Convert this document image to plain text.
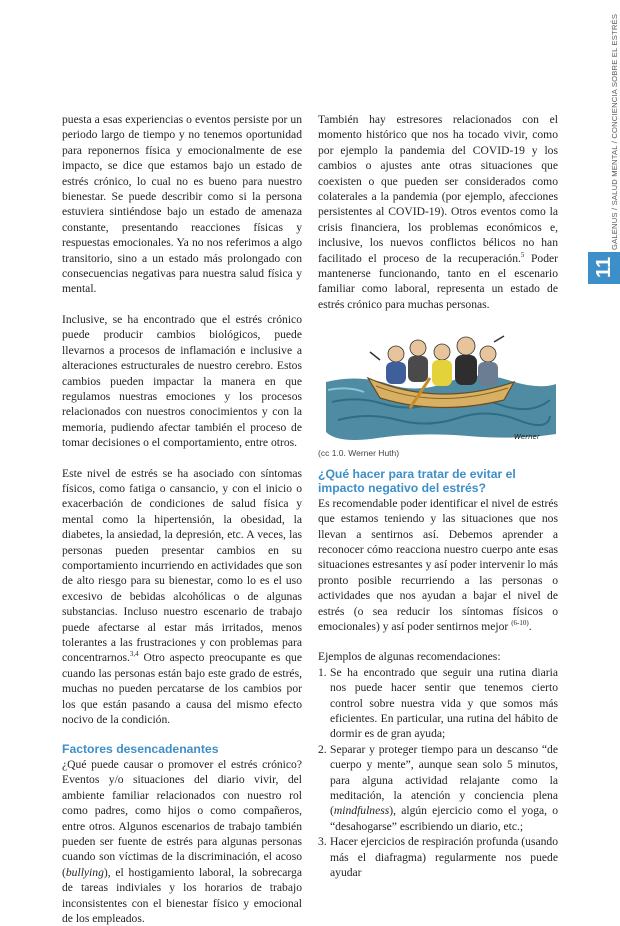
GALENUS / SALUD MENTAL / CONCIENCIA SOBRE EL ESTRÉS
11

puesta a esas experiencias o eventos persiste por un periodo largo de tiempo y no tenemos oportunidad para reponernos física y emocionalmente de ese impacto, se dice que estamos bajo un estado de estrés crónico, lo cual no es bueno para nuestro bienestar. Se puede describir como si la persona estuviera sintiéndose bajo un estado de amenaza constante, presentando reacciones físicas y respuestas emocionales. Ya no nos referimos a algo transitorio, sino a un estado más prolongado con consecuencias negativas para nuestra salud física y mental.

Inclusive, se ha encontrado que el estrés crónico puede producir cambios biológicos, puede llevarnos a procesos de inflamación e inclusive a alteraciones estructurales de nuestro cerebro. Estos cambios pueden impactar la manera en que regulamos nuestras emociones y los procesos relacionados con nuestros conocimientos y con la memoria, pudiendo afectar también el proceso de tomar decisiones o el comportamiento, entre otros.

Este nivel de estrés se ha asociado con síntomas físicos, como fatiga o cansancio, y con el inicio o exacerbación de condiciones de salud física y mental como la hipertensión, la obesidad, la diabetes, la ansiedad, la depresión, etc. A veces, las personas pueden presentar cambios en su comportamiento incurriendo en actividades que son de alto riesgo para su bienestar, como lo es el uso excesivo de bebidas alcohólicas o de algunas substancias. Incluso nuestro escenario de trabajo puede afectarse al estar más irritados, menos tolerantes a las frustraciones y con problemas para concentrarnos.$^{3,4}$ Otro aspecto preocupante es que cuando las personas están bajo este grado de estrés, muchas no pueden percatarse de los cambios por los que están pasando a causa del mismo efecto nocivo de la condición.

Factores desencadenantes

¿Qué puede causar o promover el estrés crónico? Eventos y/o situaciones del diario vivir, del ambiente familiar relacionados con nuestro rol como padres, como hijos o como compañeros, entre otros. Algunos escenarios de trabajo también pueden ser fuente de estrés para algunas personas cuando son víctimas de la discriminación, el acoso (bullying), el hostigamiento laboral, la sobrecarga de tareas indiviales y los horarios de trabajo inconsistentes con el bienestar físico y emocional de los empleados.

También hay estresores relacionados con el momento histórico que nos ha tocado vivir, como por ejemplo la pandemia del COVID-19 y los cambios o ajustes ante otras situaciones que coexisten o que pueden ser considerados como colaterales a la pandemia (por ejemplo, afecciones persistentes al COVID-19). Otros eventos como la crisis financiera, los problemas económicos e, inclusive, los nuevos conflictos bélicos no han facilitado el proceso de la recuperación.$^5$ Poder mantenerse funcionando, tanto en el escenario familiar como laboral, representa un estado de estrés crónico para muchas personas.

Werner
(cc 1.0. Werner Huth)
¿Qué hacer para tratar de evitar el impacto negativo del estrés?

Es recomendable poder identificar el nivel de estrés que estamos teniendo y las situaciones que nos llevan a sentirnos así. Debemos aprender a reconocer cómo reacciona nuestro cuerpo ante esas situaciones estresantes y así poder intervenir lo más pronto posible recurriendo a las personas o actividades que nos ayudan a bajar el nivel de estrés (o sea reducir los síntomas físicos o emocionales) y así poder sentirnos mejor $^{(6-10)}$.

Ejemplos de algunas recomendaciones:

1. Se ha encontrado que seguir una rutina diaria nos puede hacer sentir que tenemos cierto control sobre nuestra vida y que somos más eficientes. En particular, una rutina del hábito de dormir es de gran ayuda;
2. Separar y proteger tiempo para un descanso “de cuerpo y mente”, aunque sean solo 5 minutos, para alguna actividad relajante como la meditación, la atención y conciencia plena (mindfulness), algún ejercicio como el yoga, o “desahogarse” escribiendo un diario, etc.;
3. Hacer ejercicios de respiración profunda (usando más el diafragma) regularmente nos puede ayudar
